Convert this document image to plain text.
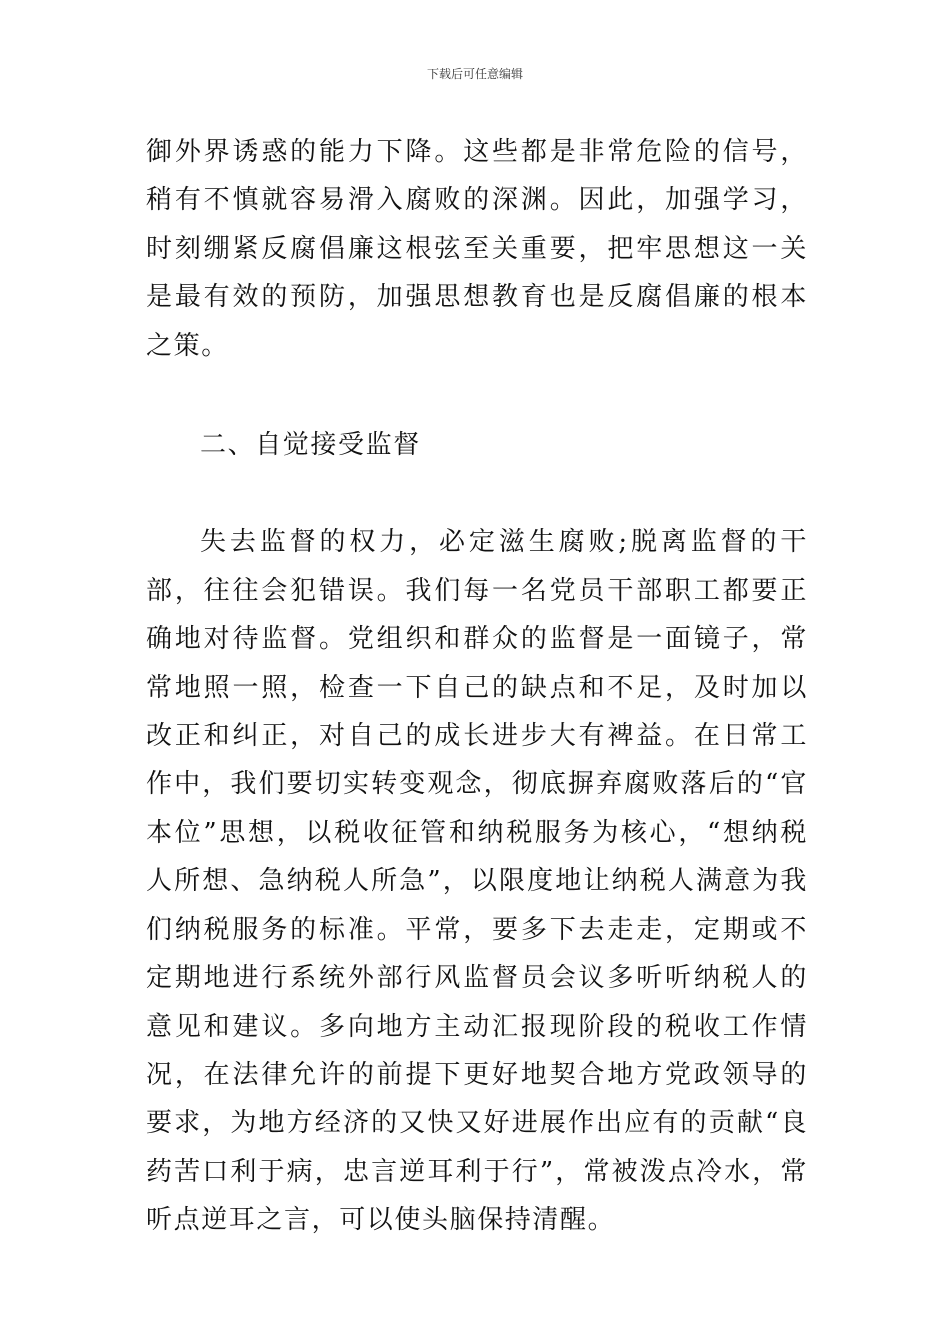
下载后可任意编辑

御外界诱惑的能力下降。这些都是非常危险的信号，稍有不慎就容易滑入腐败的深渊。因此，加强学习，时刻绷紧反腐倡廉这根弦至关重要，把牢思想这一关是最有效的预防，加强思想教育也是反腐倡廉的根本之策。

二、自觉接受监督

失去监督的权力，必定滋生腐败;脱离监督的干部，往往会犯错误。我们每一名党员干部职工都要正确地对待监督。党组织和群众的监督是一面镜子，常常地照一照，检查一下自己的缺点和不足，及时加以改正和纠正，对自己的成长进步大有裨益。在日常工作中，我们要切实转变观念，彻底摒弃腐败落后的“官本位”思想，以税收征管和纳税服务为核心，“想纳税人所想、急纳税人所急”，以限度地让纳税人满意为我们纳税服务的标准。平常，要多下去走走，定期或不定期地进行系统外部行风监督员会议多听听纳税人的意见和建议。多向地方主动汇报现阶段的税收工作情况，在法律允许的前提下更好地契合地方党政领导的要求，为地方经济的又快又好进展作出应有的贡献“良药苦口利于病，忠言逆耳利于行”，常被泼点冷水，常听点逆耳之言，可以使头脑保持清醒。
